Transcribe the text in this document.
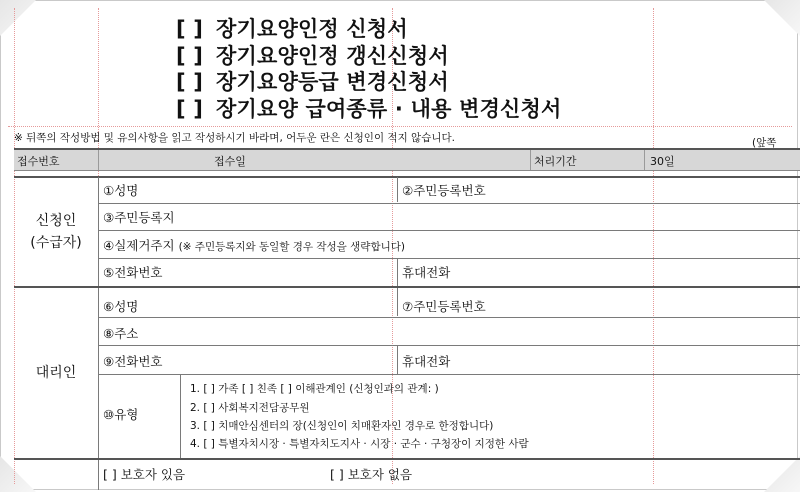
[ ] 장기요양인정 신청서
[ ] 장기요양인정 갱신신청서
[ ] 장기요양등급 변경신청서
[ ] 장기요양 급여종류 · 내용 변경신청서
※ 뒤쪽의 작성방법 및 유의사항을 읽고 작성하시기 바라며, 어두운 란은 신청인이 적지 않습니다.	(앞쪽
접수번호	접수일	처리기간	30일
신청인
(수급자)
①성명	②주민등록번호
③주민등록지
④실제거주지 (※ 주민등록지와 동일할 경우 작성을 생략합니다)
⑤전화번호	휴대전화
대리인
⑥성명	⑦주민등록번호
⑧주소
⑨전화번호	휴대전화
⑩유형
1. [ ] 가족 [ ] 친족 [ ] 이해관계인 (신청인과의 관계: )
2. [ ] 사회복지전담공무원
3. [ ] 치매안심센터의 장(신청인이 치매환자인 경우로 한정합니다)
4. [ ] 특별자치시장 · 특별자치도지사 · 시장 · 군수 · 구청장이 지정한 사람
[ ] 보호자 있음	[ ] 보호자 없음
